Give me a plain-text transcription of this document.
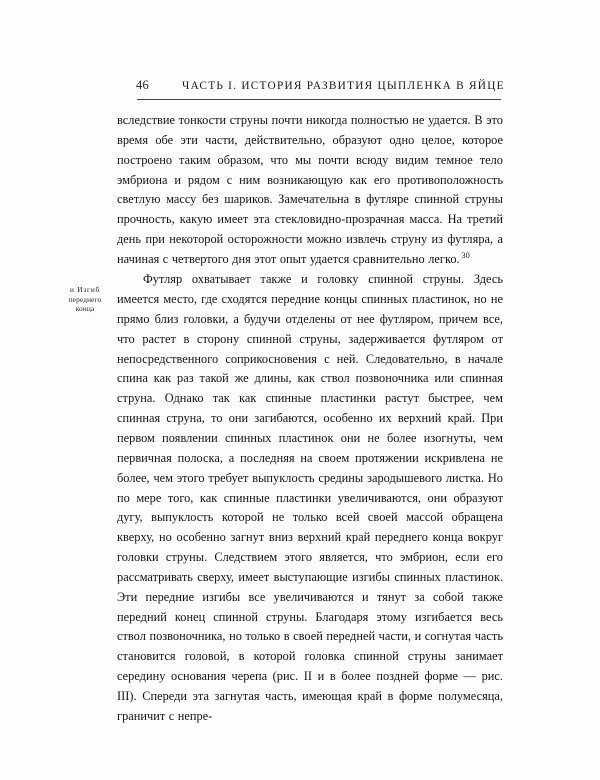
46	ЧАСТЬ I. ИСТОРИЯ РАЗВИТИЯ ЦЫПЛЕНКА В ЯЙЦЕ
и Изгиб
переднего
конца

вследствие тонкости струны почти никогда полностью не удается. В это время обе эти части, действительно, образуют одно целое, которое построено таким образом, что мы почти всюду видим темное тело эмбриона и рядом с ним возникающую как его противоположность светлую массу без шариков. Замечательна в футляре спинной струны прочность, какую имеет эта стекловидно-прозрачная масса. На третий день при некоторой осторожности можно извлечь струну из футляра, а начиная с четвертого дня этот опыт удается сравнительно легко. $^{30}$

Футляр охватывает также и головку спинной струны. Здесь имеется место, где сходятся передние концы спинных пластинок, но не прямо близ головки, а будучи отделены от нее футляром, причем все, что растет в сторону спинной струны, задерживается футляром от непосредственного соприкосновения с ней. Следовательно, в начале спина как раз такой же длины, как ствол позвоночника или спинная струна. Однако так как спинные пластинки растут быстрее, чем спинная струна, то они загибаются, особенно их верхний край. При первом появлении спинных пластинок они не более изогнуты, чем первичная полоска, а последняя на своем протяжении искривлена не более, чем этого требует выпуклость средины зародышевого листка. Но по мере того, как спинные пластинки увеличиваются, они образуют дугу, выпуклость которой не только всей своей массой обращена кверху, но особенно загнут вниз верхний край переднего конца вокруг головки струны. Следствием этого является, что эмбрион, если его рассматривать сверху, имеет выступающие изгибы спинных пластинок. Эти передние изгибы все увеличиваются и тянут за собой также передний конец спинной струны. Благодаря этому изгибается весь ствол позвоночника, но только в своей передней части, и согнутая часть становится головой, в которой головка спинной струны занимает середину основания черепа (рис. II и в более поздней форме — рис. III). Спереди эта загнутая часть, имеющая край в форме полумесяца, граничит с непре-
